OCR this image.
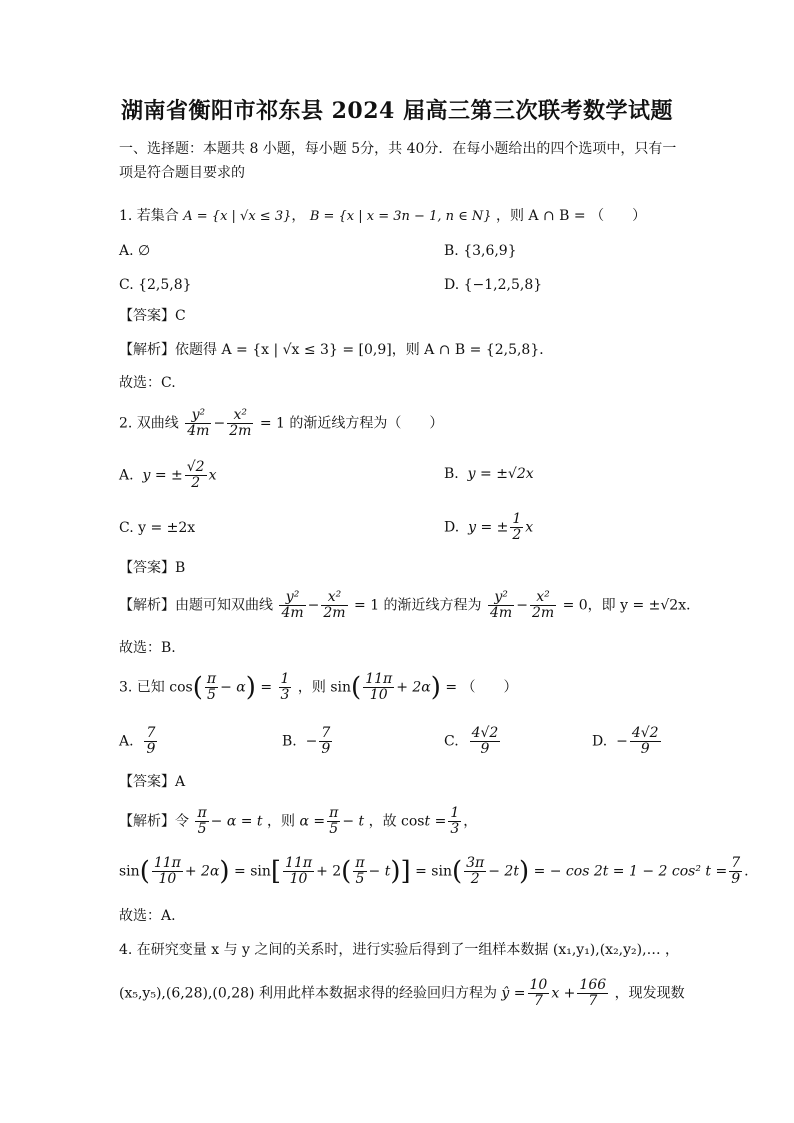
湖南省衡阳市祁东县 2024 届高三第三次联考数学试题
一、选择题：本题共 8 小题，每小题 5分，共 40分．在每小题给出的四个选项中，只有一
项是符合题目要求的
1. 若集合 A = {x | √x ≤ 3}， B = {x | x = 3n − 1, n ∈ N} ，则 A ∩ B = （　　）
A. ∅	B. {3,6,9}
C. {2,5,8}	D. {−1,2,5,8}
【答案】C
【解析】依题得 A = {x | √x ≤ 3} = [0,9]，则 A ∩ B = {2,5,8}．
故选：C.
2. 双曲线 $\frac{\text{y²}}{4m} - \frac{\text{x²}}{2m} = 1$ 的渐近线方程为（　　）
A. y = ± $\frac{√2}{2}$ x	B. y = ±√2x
C. y = ±2x	D. y = ± $\frac{1}{2}$ x
【答案】B
【解析】由题可知双曲线 $\frac{\text{y²}}{4m} - \frac{\text{x²}}{2m} = 1$ 的渐近线方程为 $\frac{\text{y²}}{4m} - \frac{\text{x²}}{2m} = 0$，即 y = ±√2x．
故选：B.
3. 已知 $\cos( \frac{\pi}{5} - \alpha) = \frac{1}{3}$ ，则 $\sin( \frac{11\pi}{10} + 2\alpha)$ = （　　）
A. $\frac{7}{9}$	B. − $\frac{7}{9}$	C. $\frac{4√2}{9}$	D. − $\frac{4√2}{9}$
【答案】A
【解析】令 $\frac{\pi}{5} - \alpha = t$ ，则 $\alpha = \frac{\pi}{5} - t$ ，故 $\cos t = \frac{1}{3}$ ，
$\sin( \frac{11\pi}{10} + 2\alpha) = \sin[ \frac{11\pi}{10} + 2( \frac{\pi}{5} - t)] = \sin( \frac{3\pi}{2} - 2t)$ = − cos 2t = 1 − 2 cos² $t = \frac{7}{9}$ .
故选：A.
4. 在研究变量 x 与 y 之间的关系时，进行实验后得到了一组样本数据 (x₁,y₁),(x₂,y₂),… ，
(x₅,y₅),(6,28),(0,28) 利用此样本数据求得的经验回归方程为 ŷ = $\frac{10}{7}$ $x + \frac{166}{7}$ ，现发现数
